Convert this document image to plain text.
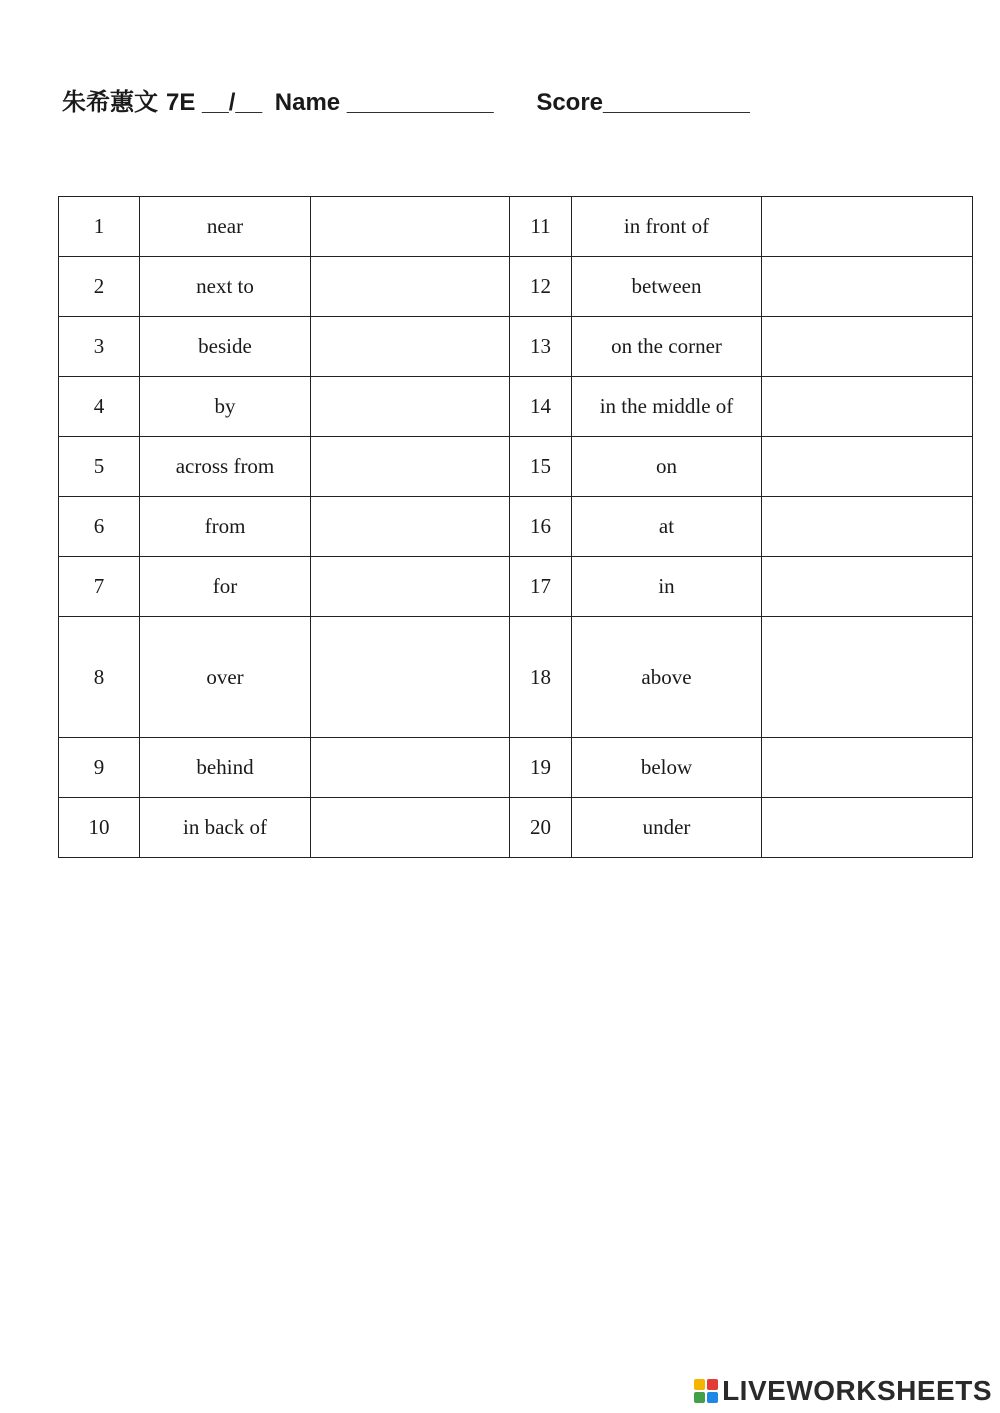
朱希蕙文 7E __/__ Name ___________ Score___________
1	near		11	in front of	
2	next to		12	between	
3	beside		13	on the corner	
4	by		14	in the middle of	
5	across from		15	on	
6	from		16	at	
7	for		17	in	
8	over		18	above	
9	behind		19	below	
10	in back of		20	under	
LIVEWORKSHEETS
